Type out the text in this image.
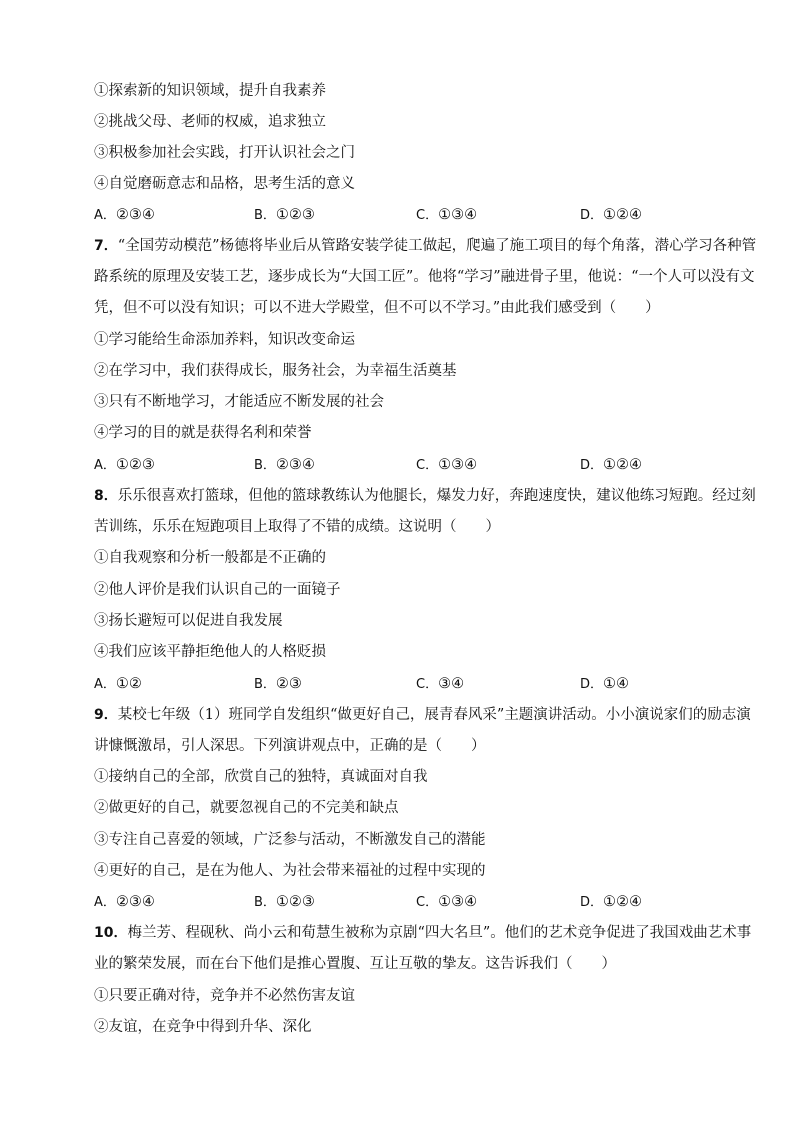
①探索新的知识领域，提升自我素养
②挑战父母、老师的权威，追求独立
③积极参加社会实践，打开认识社会之门
④自觉磨砺意志和品格，思考生活的意义
A．②③④	B．①②③	C．①③④	D．①②④
7．“全国劳动模范”杨德将毕业后从管路安装学徒工做起，爬遍了施工项目的每个角落，潜心学习各种管
路系统的原理及安装工艺，逐步成长为“大国工匠”。他将“学习”融进骨子里，他说：“一个人可以没有文
凭，但不可以没有知识；可以不进大学殿堂，但不可以不学习。”由此我们感受到（　　）
①学习能给生命添加养料，知识改变命运
②在学习中，我们获得成长，服务社会，为幸福生活奠基
③只有不断地学习，才能适应不断发展的社会
④学习的目的就是获得名利和荣誉
A．①②③	B．②③④	C．①③④	D．①②④
8．乐乐很喜欢打篮球，但他的篮球教练认为他腿长，爆发力好，奔跑速度快，建议他练习短跑。经过刻
苦训练，乐乐在短跑项目上取得了不错的成绩。这说明（　　）
①自我观察和分析一般都是不正确的
②他人评价是我们认识自己的一面镜子
③扬长避短可以促进自我发展
④我们应该平静拒绝他人的人格贬损
A．①②	B．②③	C．③④	D．①④
9．某校七年级（1）班同学自发组织“做更好自己，展青春风采”主题演讲活动。小小演说家们的励志演
讲慷慨激昂，引人深思。下列演讲观点中，正确的是（　　）
①接纳自己的全部，欣赏自己的独特，真诚面对自我
②做更好的自己，就要忽视自己的不完美和缺点
③专注自己喜爱的领域，广泛参与活动，不断激发自己的潜能
④更好的自己，是在为他人、为社会带来福祉的过程中实现的
A．②③④	B．①②③	C．①③④	D．①②④
10．梅兰芳、程砚秋、尚小云和荀慧生被称为京剧“四大名旦”。他们的艺术竞争促进了我国戏曲艺术事
业的繁荣发展，而在台下他们是推心置腹、互让互敬的挚友。这告诉我们（　　）
①只要正确对待，竞争并不必然伤害友谊
②友谊，在竞争中得到升华、深化
